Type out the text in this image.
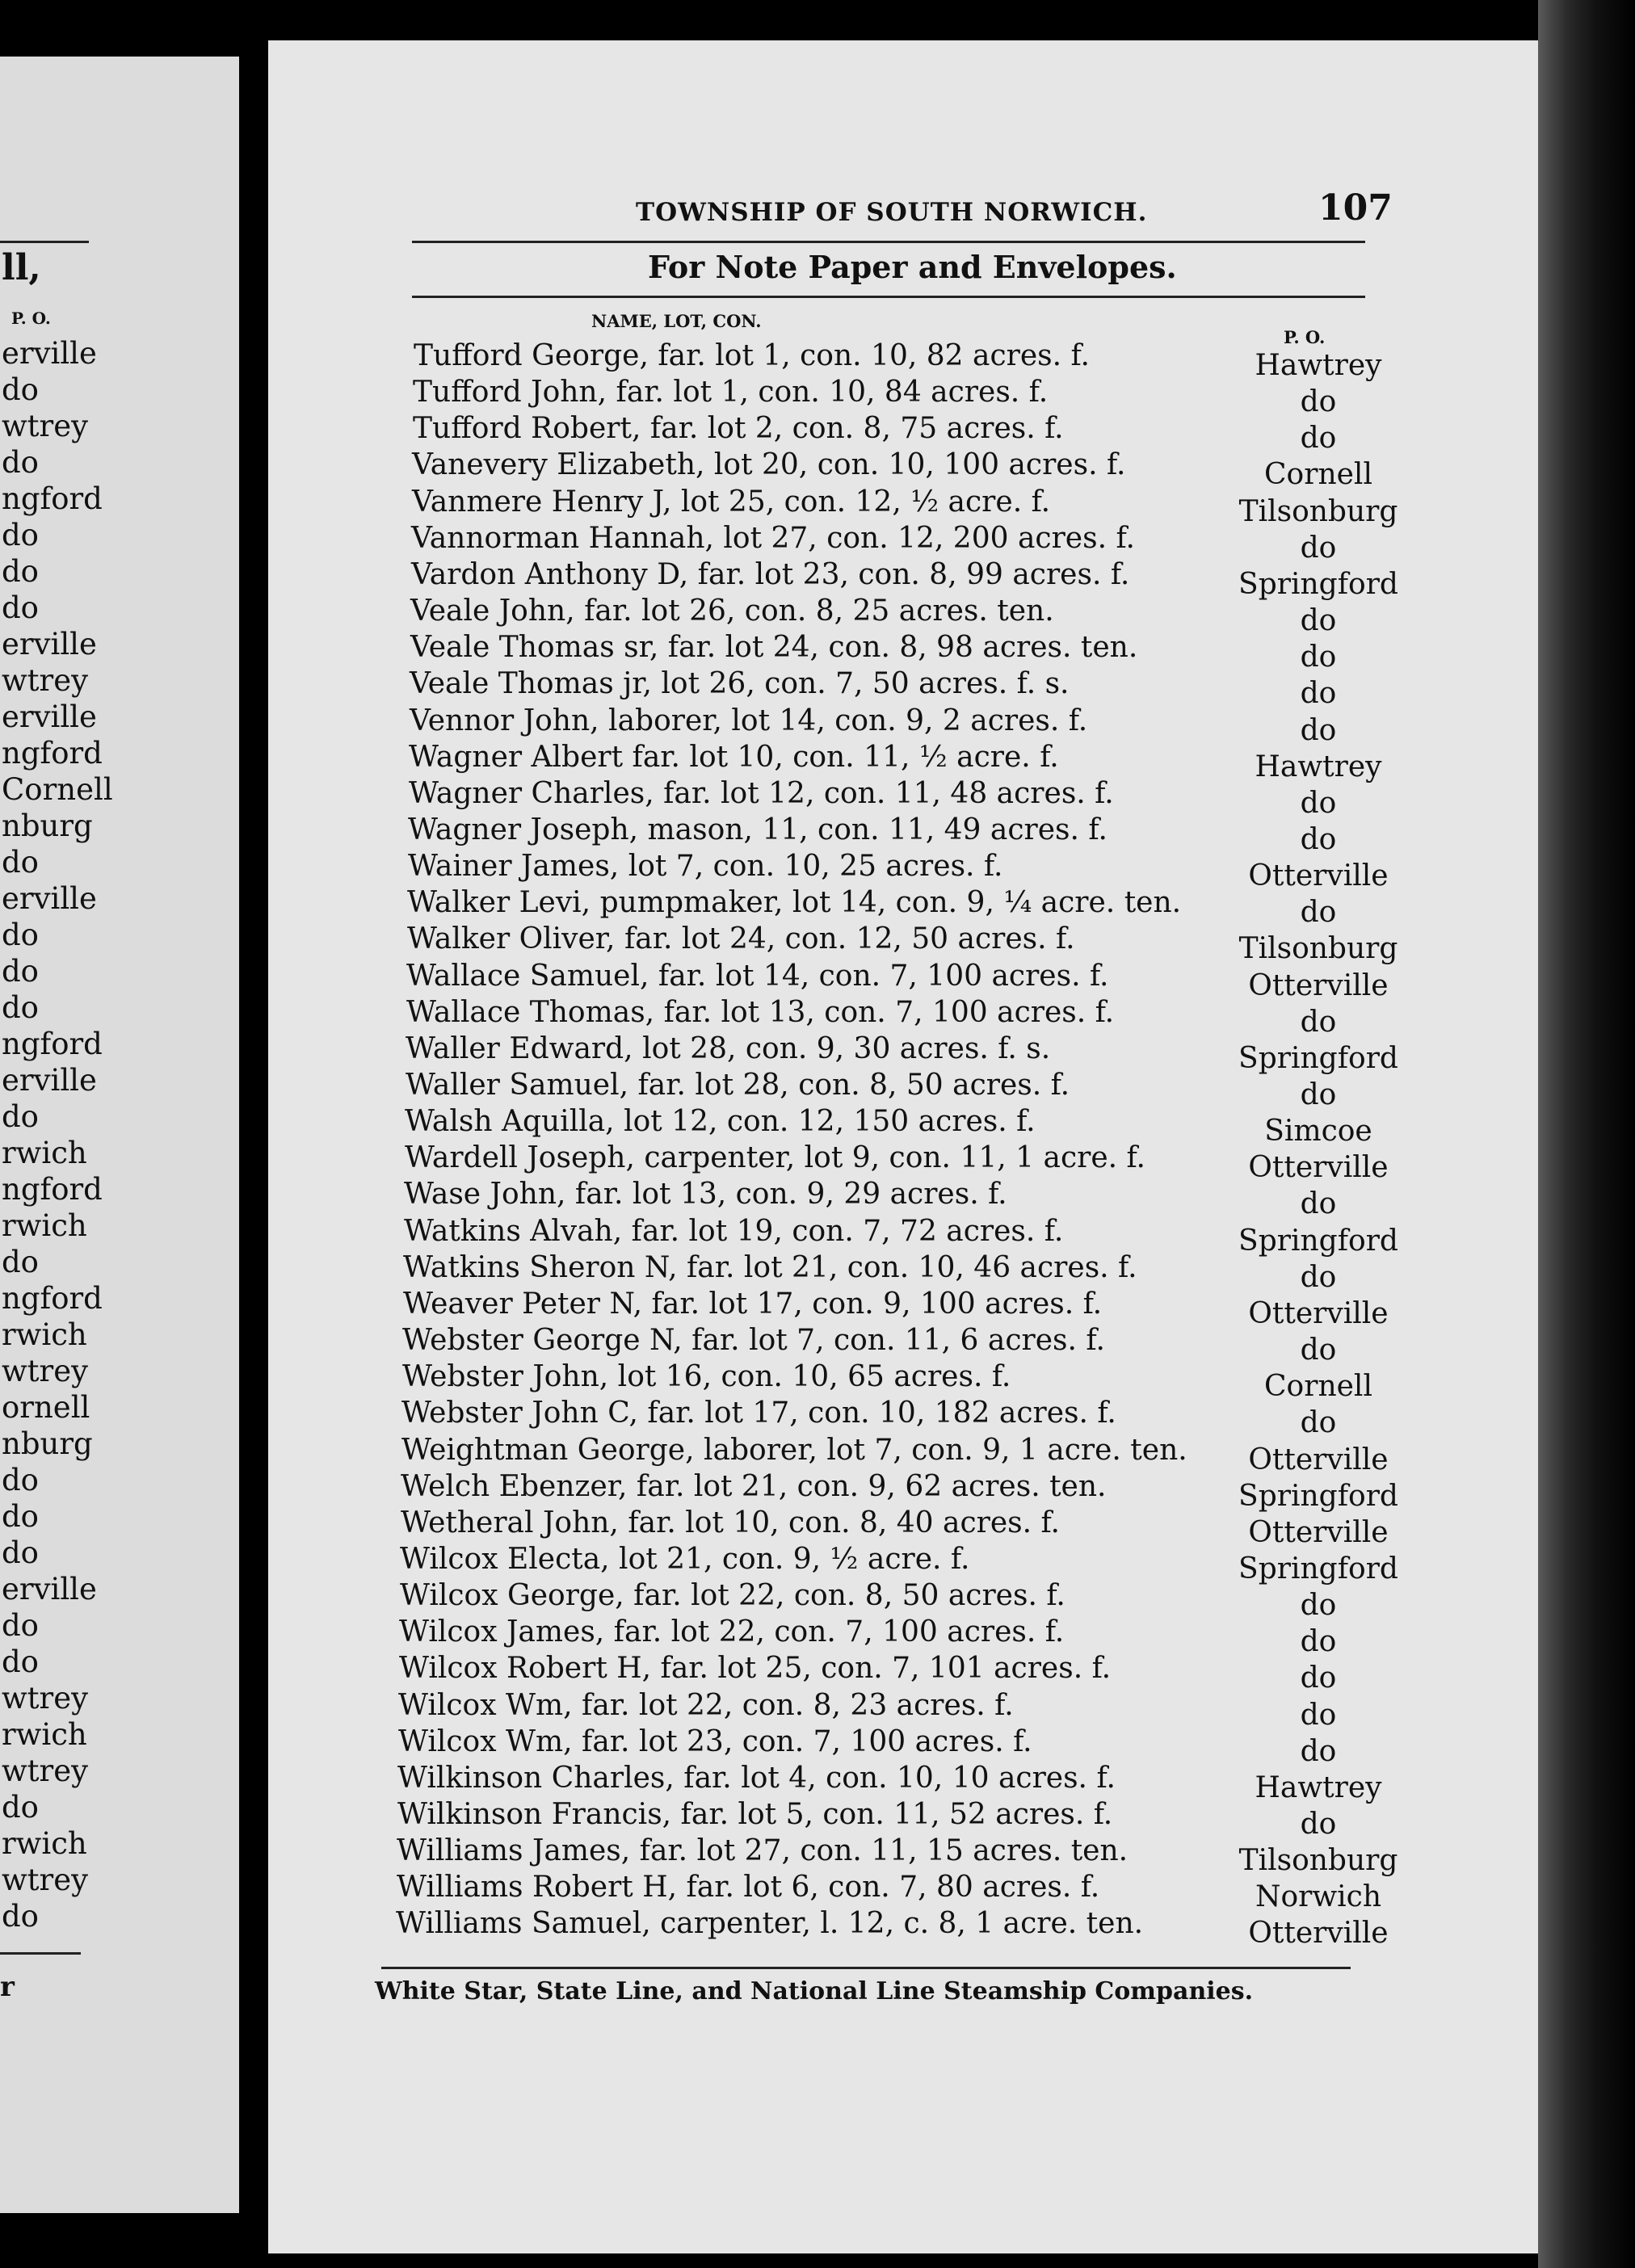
ll,
P. O.
erville
do
wtrey
do
ngford
do
do
do
erville
wtrey
erville
ngford
Cornell
nburg
do
erville
do
do
do
ngford
erville
do
rwich
ngford
rwich
do
ngford
rwich
wtrey
ornell
nburg
do
do
do
erville
do
do
wtrey
rwich
wtrey
do
rwich
wtrey
do
r
TOWNSHIP OF SOUTH NORWICH.	107
For Note Paper and Envelopes.
NAME, LOT, CON.
P. O.
Tufford George, far. lot 1, con. 10, 82 acres. f.	Hawtrey
Tufford John, far. lot 1, con. 10, 84 acres. f.	do
Tufford Robert, far. lot 2, con. 8, 75 acres. f.	do
Vanevery Elizabeth, lot 20, con. 10, 100 acres. f.	Cornell
Vanmere Henry J, lot 25, con. 12, ½ acre. f.	Tilsonburg
Vannorman Hannah, lot 27, con. 12, 200 acres. f.	do
Vardon Anthony D, far. lot 23, con. 8, 99 acres. f.	Springford
Veale John, far. lot 26, con. 8, 25 acres. ten.	do
Veale Thomas sr, far. lot 24, con. 8, 98 acres. ten.	do
Veale Thomas jr, lot 26, con. 7, 50 acres. f. s.	do
Vennor John, laborer, lot 14, con. 9, 2 acres. f.	do
Wagner Albert far. lot 10, con. 11, ½ acre. f.	Hawtrey
Wagner Charles, far. lot 12, con. 11, 48 acres. f.	do
Wagner Joseph, mason, 11, con. 11, 49 acres. f.	do
Wainer James, lot 7, con. 10, 25 acres. f.	Otterville
Walker Levi, pumpmaker, lot 14, con. 9, ¼ acre. ten.	do
Walker Oliver, far. lot 24, con. 12, 50 acres. f.	Tilsonburg
Wallace Samuel, far. lot 14, con. 7, 100 acres. f.	Otterville
Wallace Thomas, far. lot 13, con. 7, 100 acres. f.	do
Waller Edward, lot 28, con. 9, 30 acres. f. s.	Springford
Waller Samuel, far. lot 28, con. 8, 50 acres. f.	do
Walsh Aquilla, lot 12, con. 12, 150 acres. f.	Simcoe
Wardell Joseph, carpenter, lot 9, con. 11, 1 acre. f.	Otterville
Wase John, far. lot 13, con. 9, 29 acres. f.	do
Watkins Alvah, far. lot 19, con. 7, 72 acres. f.	Springford
Watkins Sheron N, far. lot 21, con. 10, 46 acres. f.	do
Weaver Peter N, far. lot 17, con. 9, 100 acres. f.	Otterville
Webster George N, far. lot 7, con. 11, 6 acres. f.	do
Webster John, lot 16, con. 10, 65 acres. f.	Cornell
Webster John C, far. lot 17, con. 10, 182 acres. f.	do
Weightman George, laborer, lot 7, con. 9, 1 acre. ten.	Otterville
Welch Ebenzer, far. lot 21, con. 9, 62 acres. ten.	Springford
Wetheral John, far. lot 10, con. 8, 40 acres. f.	Otterville
Wilcox Electa, lot 21, con. 9, ½ acre. f.	Springford
Wilcox George, far. lot 22, con. 8, 50 acres. f.	do
Wilcox James, far. lot 22, con. 7, 100 acres. f.	do
Wilcox Robert H, far. lot 25, con. 7, 101 acres. f.	do
Wilcox Wm, far. lot 22, con. 8, 23 acres. f.	do
Wilcox Wm, far. lot 23, con. 7, 100 acres. f.	do
Wilkinson Charles, far. lot 4, con. 10, 10 acres. f.	Hawtrey
Wilkinson Francis, far. lot 5, con. 11, 52 acres. f.	do
Williams James, far. lot 27, con. 11, 15 acres. ten.	Tilsonburg
Williams Robert H, far. lot 6, con. 7, 80 acres. f.	Norwich
Williams Samuel, carpenter, l. 12, c. 8, 1 acre. ten.	Otterville
White Star, State Line, and National Line Steamship Companies.
